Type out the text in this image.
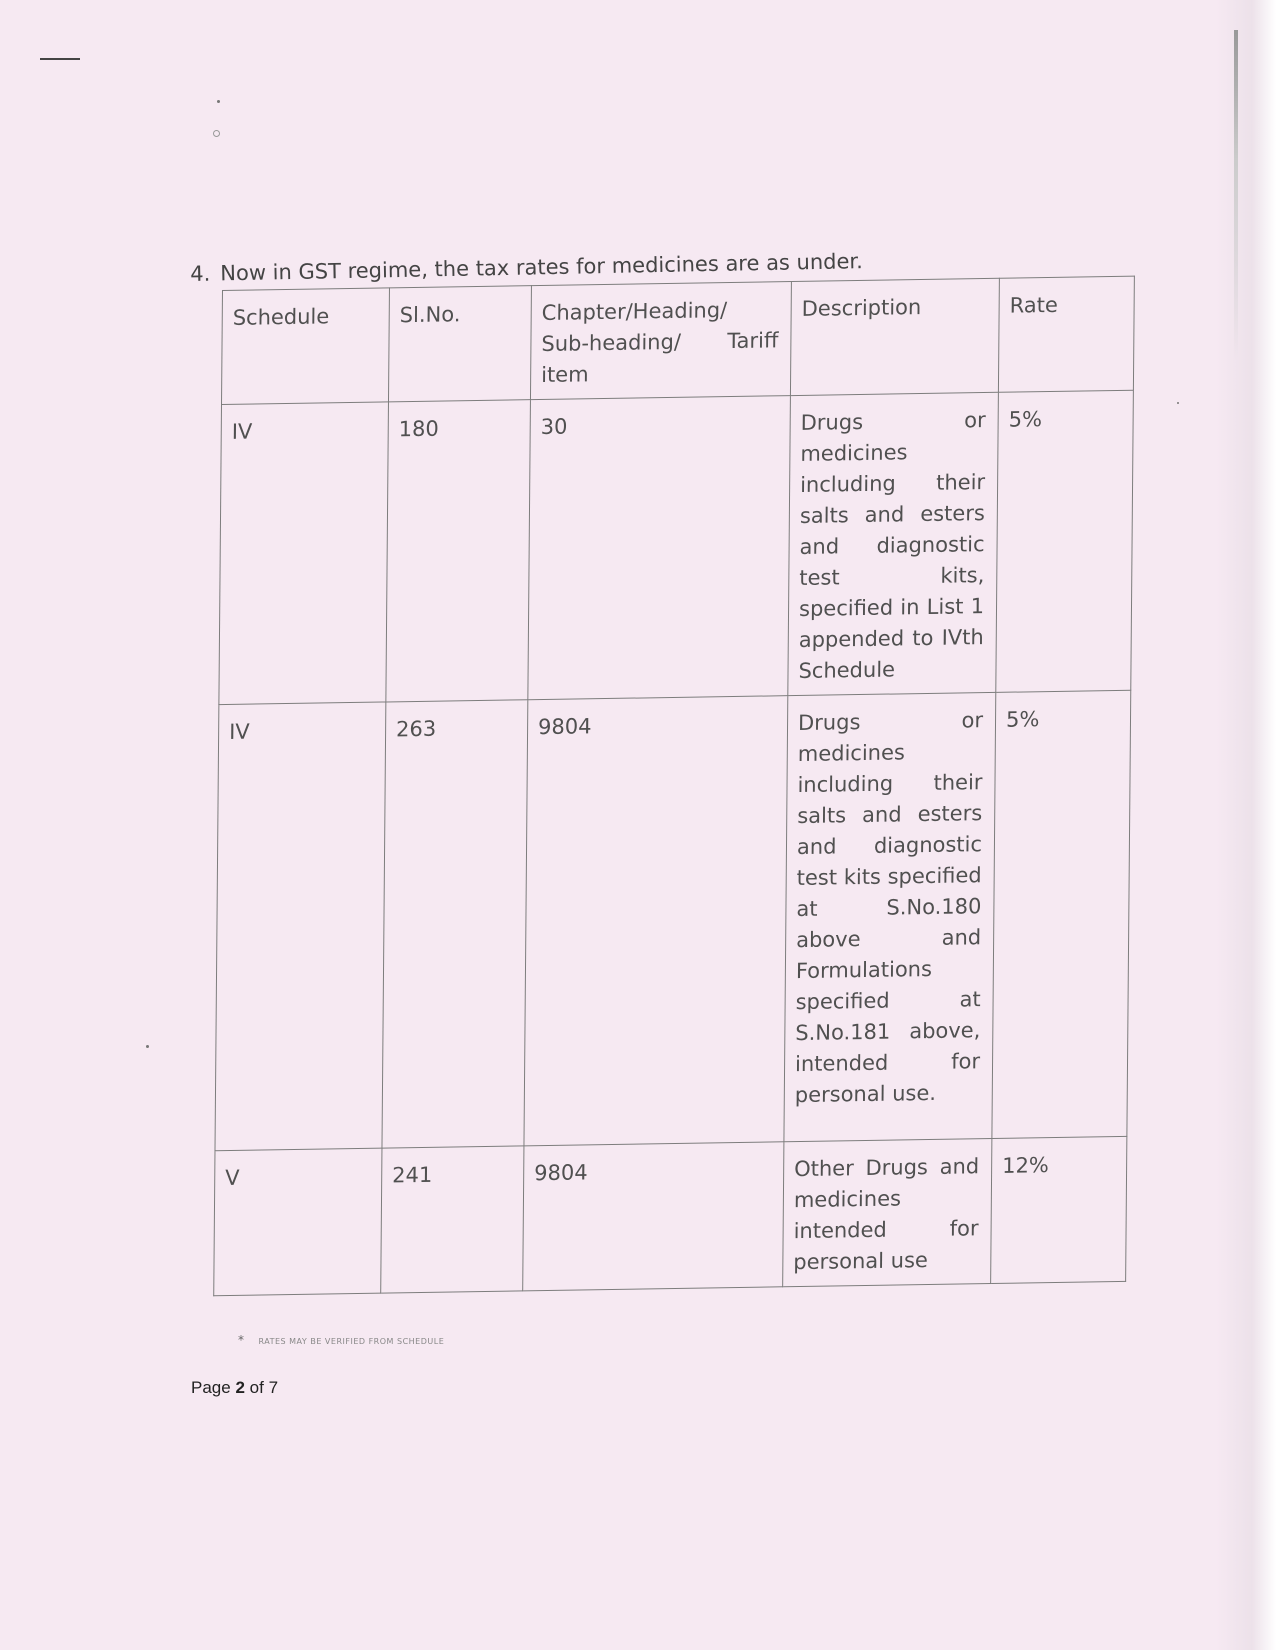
4. Now in GST regime, the tax rates for medicines are as under.
Schedule	Sl.No.	Chapter/Heading/ Sub-heading/ Tariff item	Description	Rate
IV	180	30	Drugs or medicines including their salts and esters and diagnostic test kits, specified in List 1 appended to IVth Schedule	5%
IV	263	9804	Drugs or medicines including their salts and esters and diagnostic test kits specified at S.No.180 above and Formulations specified at S.No.181 above, intended for personal use.	5%
V	241	9804	Other Drugs and medicines intended for personal use	12%
* RATES MAY BE VERIFIED FROM SCHEDULE
Page 2 of 7
